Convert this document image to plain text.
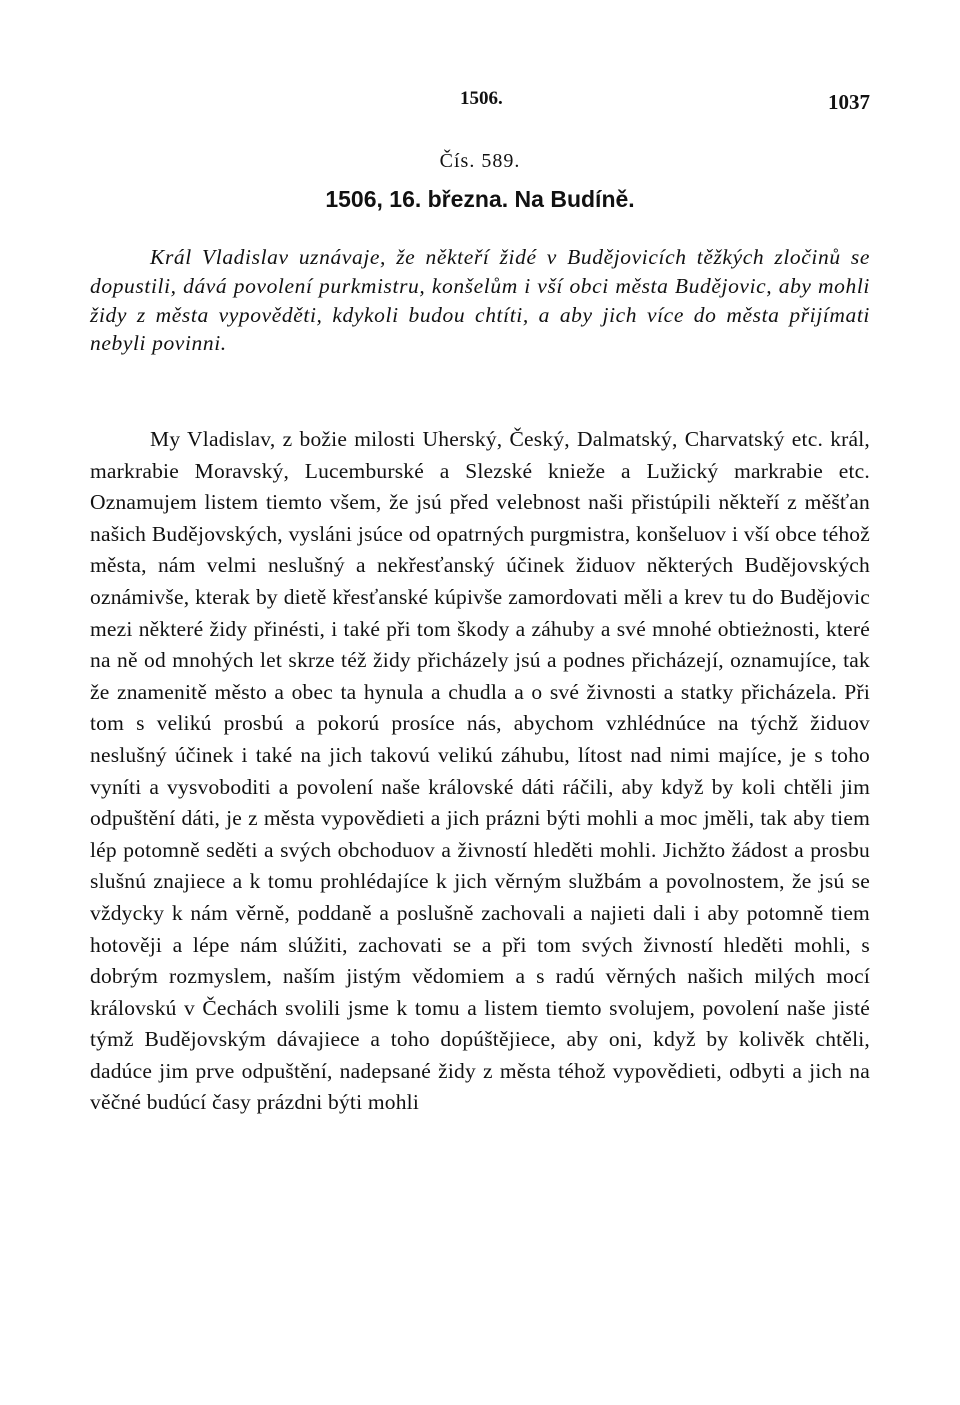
1506.	1037
Čís. 589.
1506, 16. března. Na Budíně.

Král Vladislav uznávaje, že někteří židé v Budějovicích těžkých zločinů se dopustili, dává povolení purkmistru, konšelům i vší obci města Budějovic, aby mohli židy z města vypověděti, kdykoli budou chtíti, a aby jich více do města přijímati nebyli povinni.

My Vladislav, z božie milosti Uherský, Český, Dalmatský, Charvatský etc. král, markrabie Moravský, Lucemburské a Slezské knieže a Lužický markrabie etc. Oznamujem listem tiemto všem, že jsú před velebnost naši přistúpili někteří z měšťan našich Budějovských, vysláni jsúce od opatrných purgmistra, konšeluov i vší obce téhož města, nám velmi neslušný a nekřesťanský účinek židuov některých Budějovských oznámivše, kterak by dietě křesťanské kúpivše zamordovati měli a krev tu do Budějovic mezi některé židy přinésti, i také při tom škody a záhuby a své mnohé obtieżnosti, které na ně od mnohých let skrze též židy přicházely jsú a podnes přicházejí, oznamujíce, tak že znamenitě město a obec ta hynula a chudla a o své živnosti a statky přicházela. Při tom s velikú prosbú a pokorú prosíce nás, abychom vzhlédnúce na týchž židuov neslušný účinek i také na jich takovú velikú záhubu, lítost nad nimi majíce, je s toho vyníti a vysvoboditi a povolení naše královské dáti ráčili, aby když by koli chtěli jim odpuštění dáti, je z města vypovědieti a jich prázni býti mohli a moc jměli, tak aby tiem lép potomně seděti a svých obchoduov a živností hleděti mohli. Jichžto žádost a prosbu slušnú znajiece a k tomu prohlédajíce k jich věrným službám a povolnostem, že jsú se vždycky k nám věrně, poddaně a poslušně zachovali a najieti dali i aby potomně tiem hotověji a lépe nám slúžiti, zachovati se a při tom svých živností hleděti mohli, s dobrým rozmyslem, naším jistým vědomiem a s radú věrných našich milých mocí královskú v Čechách svolili jsme k tomu a listem tiemto svolujem, povolení naše jisté týmž Budějovským dávajiece a toho dopúštějiece, aby oni, když by kolivěk chtěli, dadúce jim prve odpuštění, nadepsané židy z města téhož vypovědieti, odbyti a jich na věčné budúcí časy prázdni býti mohli
